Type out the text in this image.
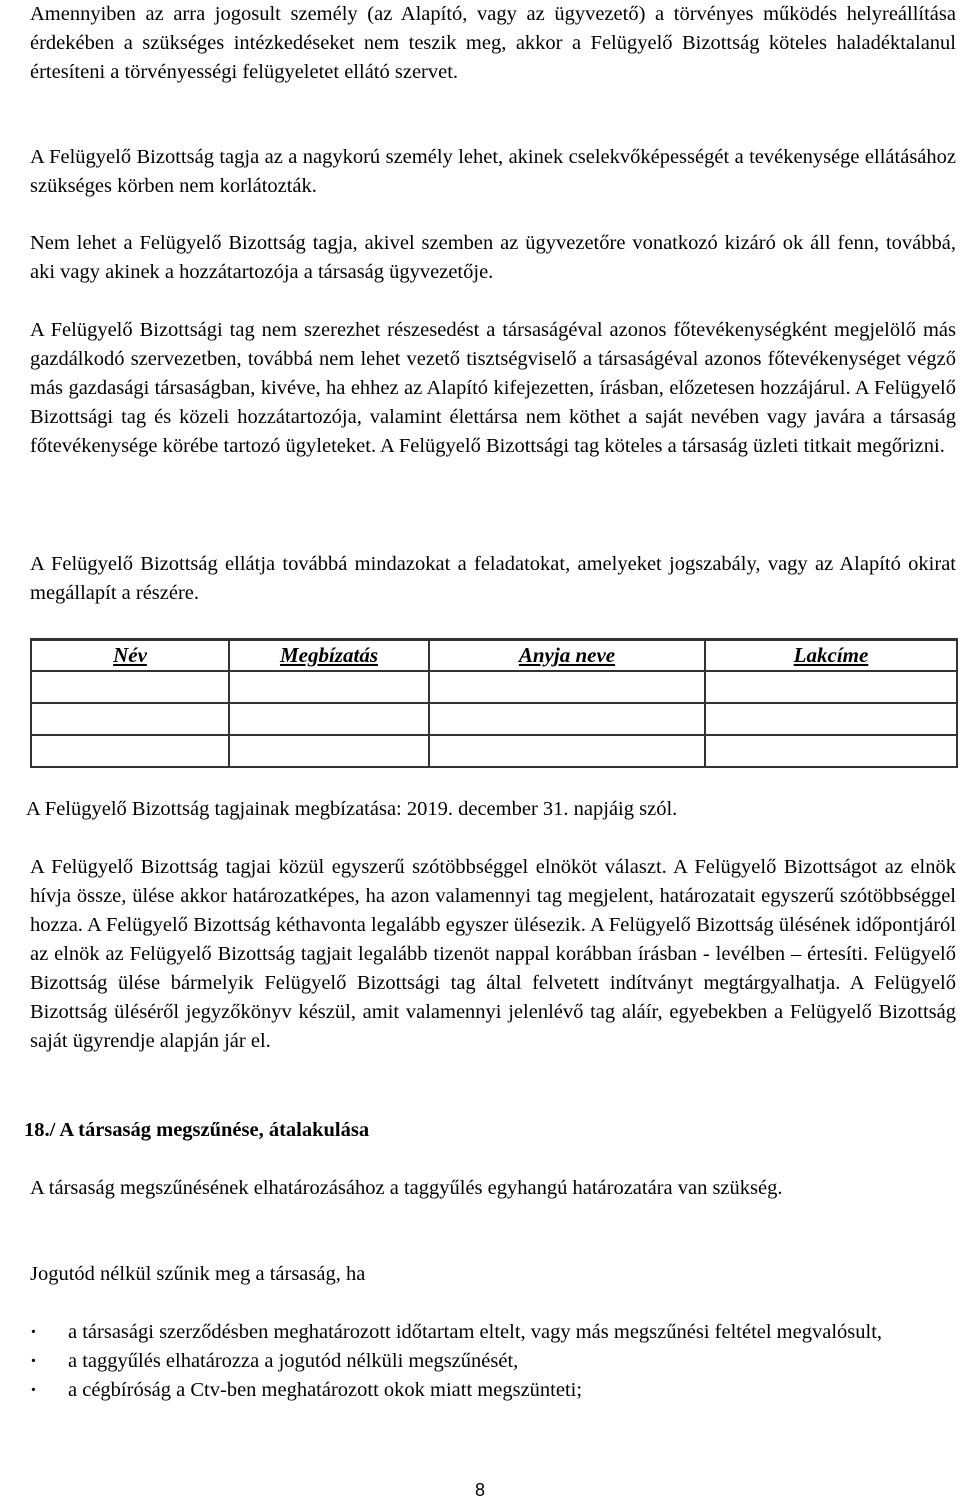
Amennyiben az arra jogosult személy (az Alapító, vagy az ügyvezető) a törvényes működés helyreállítása érdekében a szükséges intézkedéseket nem teszik meg, akkor a Felügyelő Bizottság köteles haladéktalanul értesíteni a törvényességi felügyeletet ellátó szervet.

A Felügyelő Bizottság tagja az a nagykorú személy lehet, akinek cselekvőképességét a tevékenysége ellátásához szükséges körben nem korlátozták.

Nem lehet a Felügyelő Bizottság tagja, akivel szemben az ügyvezetőre vonatkozó kizáró ok áll fenn, továbbá, aki vagy akinek a hozzátartozója a társaság ügyvezetője.

A Felügyelő Bizottsági tag nem szerezhet részesedést a társaságéval azonos főtevékenységként megjelölő más gazdálkodó szervezetben, továbbá nem lehet vezető tisztségviselő a társaságéval azonos főtevékenységet végző más gazdasági társaságban, kivéve, ha ehhez az Alapító kifejezetten, írásban, előzetesen hozzájárul. A Felügyelő Bizottsági tag és közeli hozzátartozója, valamint élettársa nem köthet a saját nevében vagy javára a társaság főtevékenysége körébe tartozó ügyleteket. A Felügyelő Bizottsági tag köteles a társaság üzleti titkait megőrizni.

A Felügyelő Bizottság ellátja továbbá mindazokat a feladatokat, amelyeket jogszabály, vagy az Alapító okirat megállapít a részére.

Név	Megbízatás	Anyja neve	Lakcíme

A Felügyelő Bizottság tagjainak megbízatása: 2019. december 31. napjáig szól.

A Felügyelő Bizottság tagjai közül egyszerű szótöbbséggel elnököt választ. A Felügyelő Bizottságot az elnök hívja össze, ülése akkor határozatképes, ha azon valamennyi tag megjelent, határozatait egyszerű szótöbbséggel hozza. A Felügyelő Bizottság kéthavonta legalább egyszer ülésezik. A Felügyelő Bizottság ülésének időpontjáról az elnök az Felügyelő Bizottság tagjait legalább tizenöt nappal korábban írásban - levélben – értesíti. Felügyelő Bizottság ülése bármelyik Felügyelő Bizottsági tag által felvetett indítványt megtárgyalhatja. A Felügyelő Bizottság üléséről jegyzőkönyv készül, amit valamennyi jelenlévő tag aláír, egyebekben a Felügyelő Bizottság saját ügyrendje alapján jár el.

18./ A társaság megszűnése, átalakulása

A társaság megszűnésének elhatározásához a taggyűlés egyhangú határozatára van szükség.

Jogutód nélkül szűnik meg a társaság, ha

· a társasági szerződésben meghatározott időtartam eltelt, vagy más megszűnési feltétel megvalósult,
· a taggyűlés elhatározza a jogutód nélküli megszűnését,
· a cégbíróság a Ctv-ben meghatározott okok miatt megszünteti;
8
